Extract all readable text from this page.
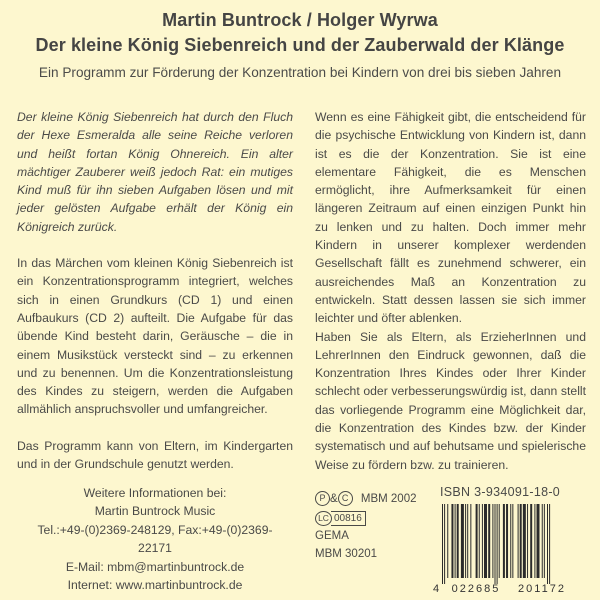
Martin Buntrock / Holger Wyrwa
Der kleine König Siebenreich und der Zauberwald der Klänge
Ein Programm zur Förderung der Konzentration bei Kindern von drei bis sieben Jahren

Der kleine König Siebenreich hat durch den Fluch der Hexe Esmeralda alle seine Reiche verloren und heißt fortan König Ohnereich. Ein alter mächtiger Zauberer weiß jedoch Rat: ein mutiges Kind muß für ihn sieben Aufgaben lösen und mit jeder gelösten Aufgabe erhält der König ein Königreich zurück.

In das Märchen vom kleinen König Siebenreich ist ein Konzentrationsprogramm integriert, welches sich in einen Grundkurs (CD 1) und einen Aufbaukurs (CD 2) aufteilt. Die Aufgabe für das übende Kind besteht darin, Geräusche – die in einem Musikstück versteckt sind – zu erkennen und zu benennen. Um die Konzentrationsleistung des Kindes zu steigern, werden die Aufgaben allmählich anspruchsvoller und umfangreicher.

Das Programm kann von Eltern, im Kindergarten und in der Grundschule genutzt werden.

Wenn es eine Fähigkeit gibt, die entscheidend für die psychische Entwicklung von Kindern ist, dann ist es die der Konzentration. Sie ist eine elementare Fähigkeit, die es Menschen ermöglicht, ihre Aufmerksamkeit für einen längeren Zeitraum auf einen einzigen Punkt hin zu lenken und zu halten. Doch immer mehr Kindern in unserer komplexer werdenden Gesellschaft fällt es zunehmend schwerer, ein ausreichendes Maß an Konzentration zu entwickeln. Statt dessen lassen sie sich immer leichter und öfter ablenken.

Haben Sie als Eltern, als ErzieherInnen und LehrerInnen den Eindruck gewonnen, daß die Konzentration Ihres Kindes oder Ihrer Kinder schlecht oder verbesserungswürdig ist, dann stellt das vorliegende Programm eine Möglichkeit dar, die Konzentration des Kindes bzw. der Kinder systematisch und auf behutsame und spielerische Weise zu fördern bzw. zu trainieren.

Weitere Informationen bei:
Martin Buntrock Music
Tel.:+49-(0)2369-248129, Fax:+49-(0)2369-22171
E-Mail: mbm@martinbuntrock.de
Internet: www.martinbuntrock.de
P & C MBM 2002
LC 00816
GEMA
MBM 30201
ISBN 3-934091-18-0
4 022685 201172
